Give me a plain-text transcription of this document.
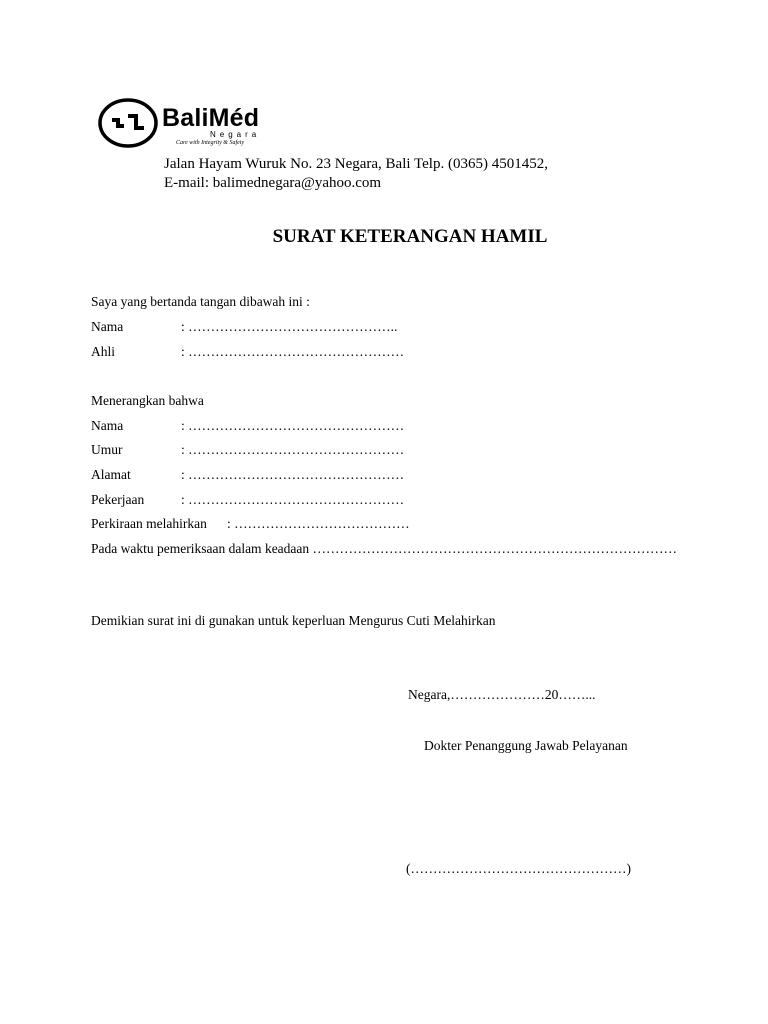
BaliMéd
Negara
Care with Integrity & Safety
Jalan Hayam Wuruk No. 23 Negara, Bali Telp. (0365) 4501452,
E-mail: balimednegara@yahoo.com
SURAT KETERANGAN HAMIL
Saya yang bertanda tangan dibawah ini :
Nama	: ………………………………………..
Ahli	: …………………………………………
Menerangkan bahwa
Nama	: …………………………………………
Umur	: …………………………………………
Alamat	: …………………………………………
Pekerjaan	: …………………………………………
Perkiraan melahirkan : …………………………………
Pada waktu pemeriksaan dalam keadaan ………………………………………………………………………
Demikian surat ini di gunakan untuk keperluan Mengurus Cuti Melahirkan
Negara,…………………20……...
Dokter Penanggung Jawab Pelayanan
(…………………………………………)
